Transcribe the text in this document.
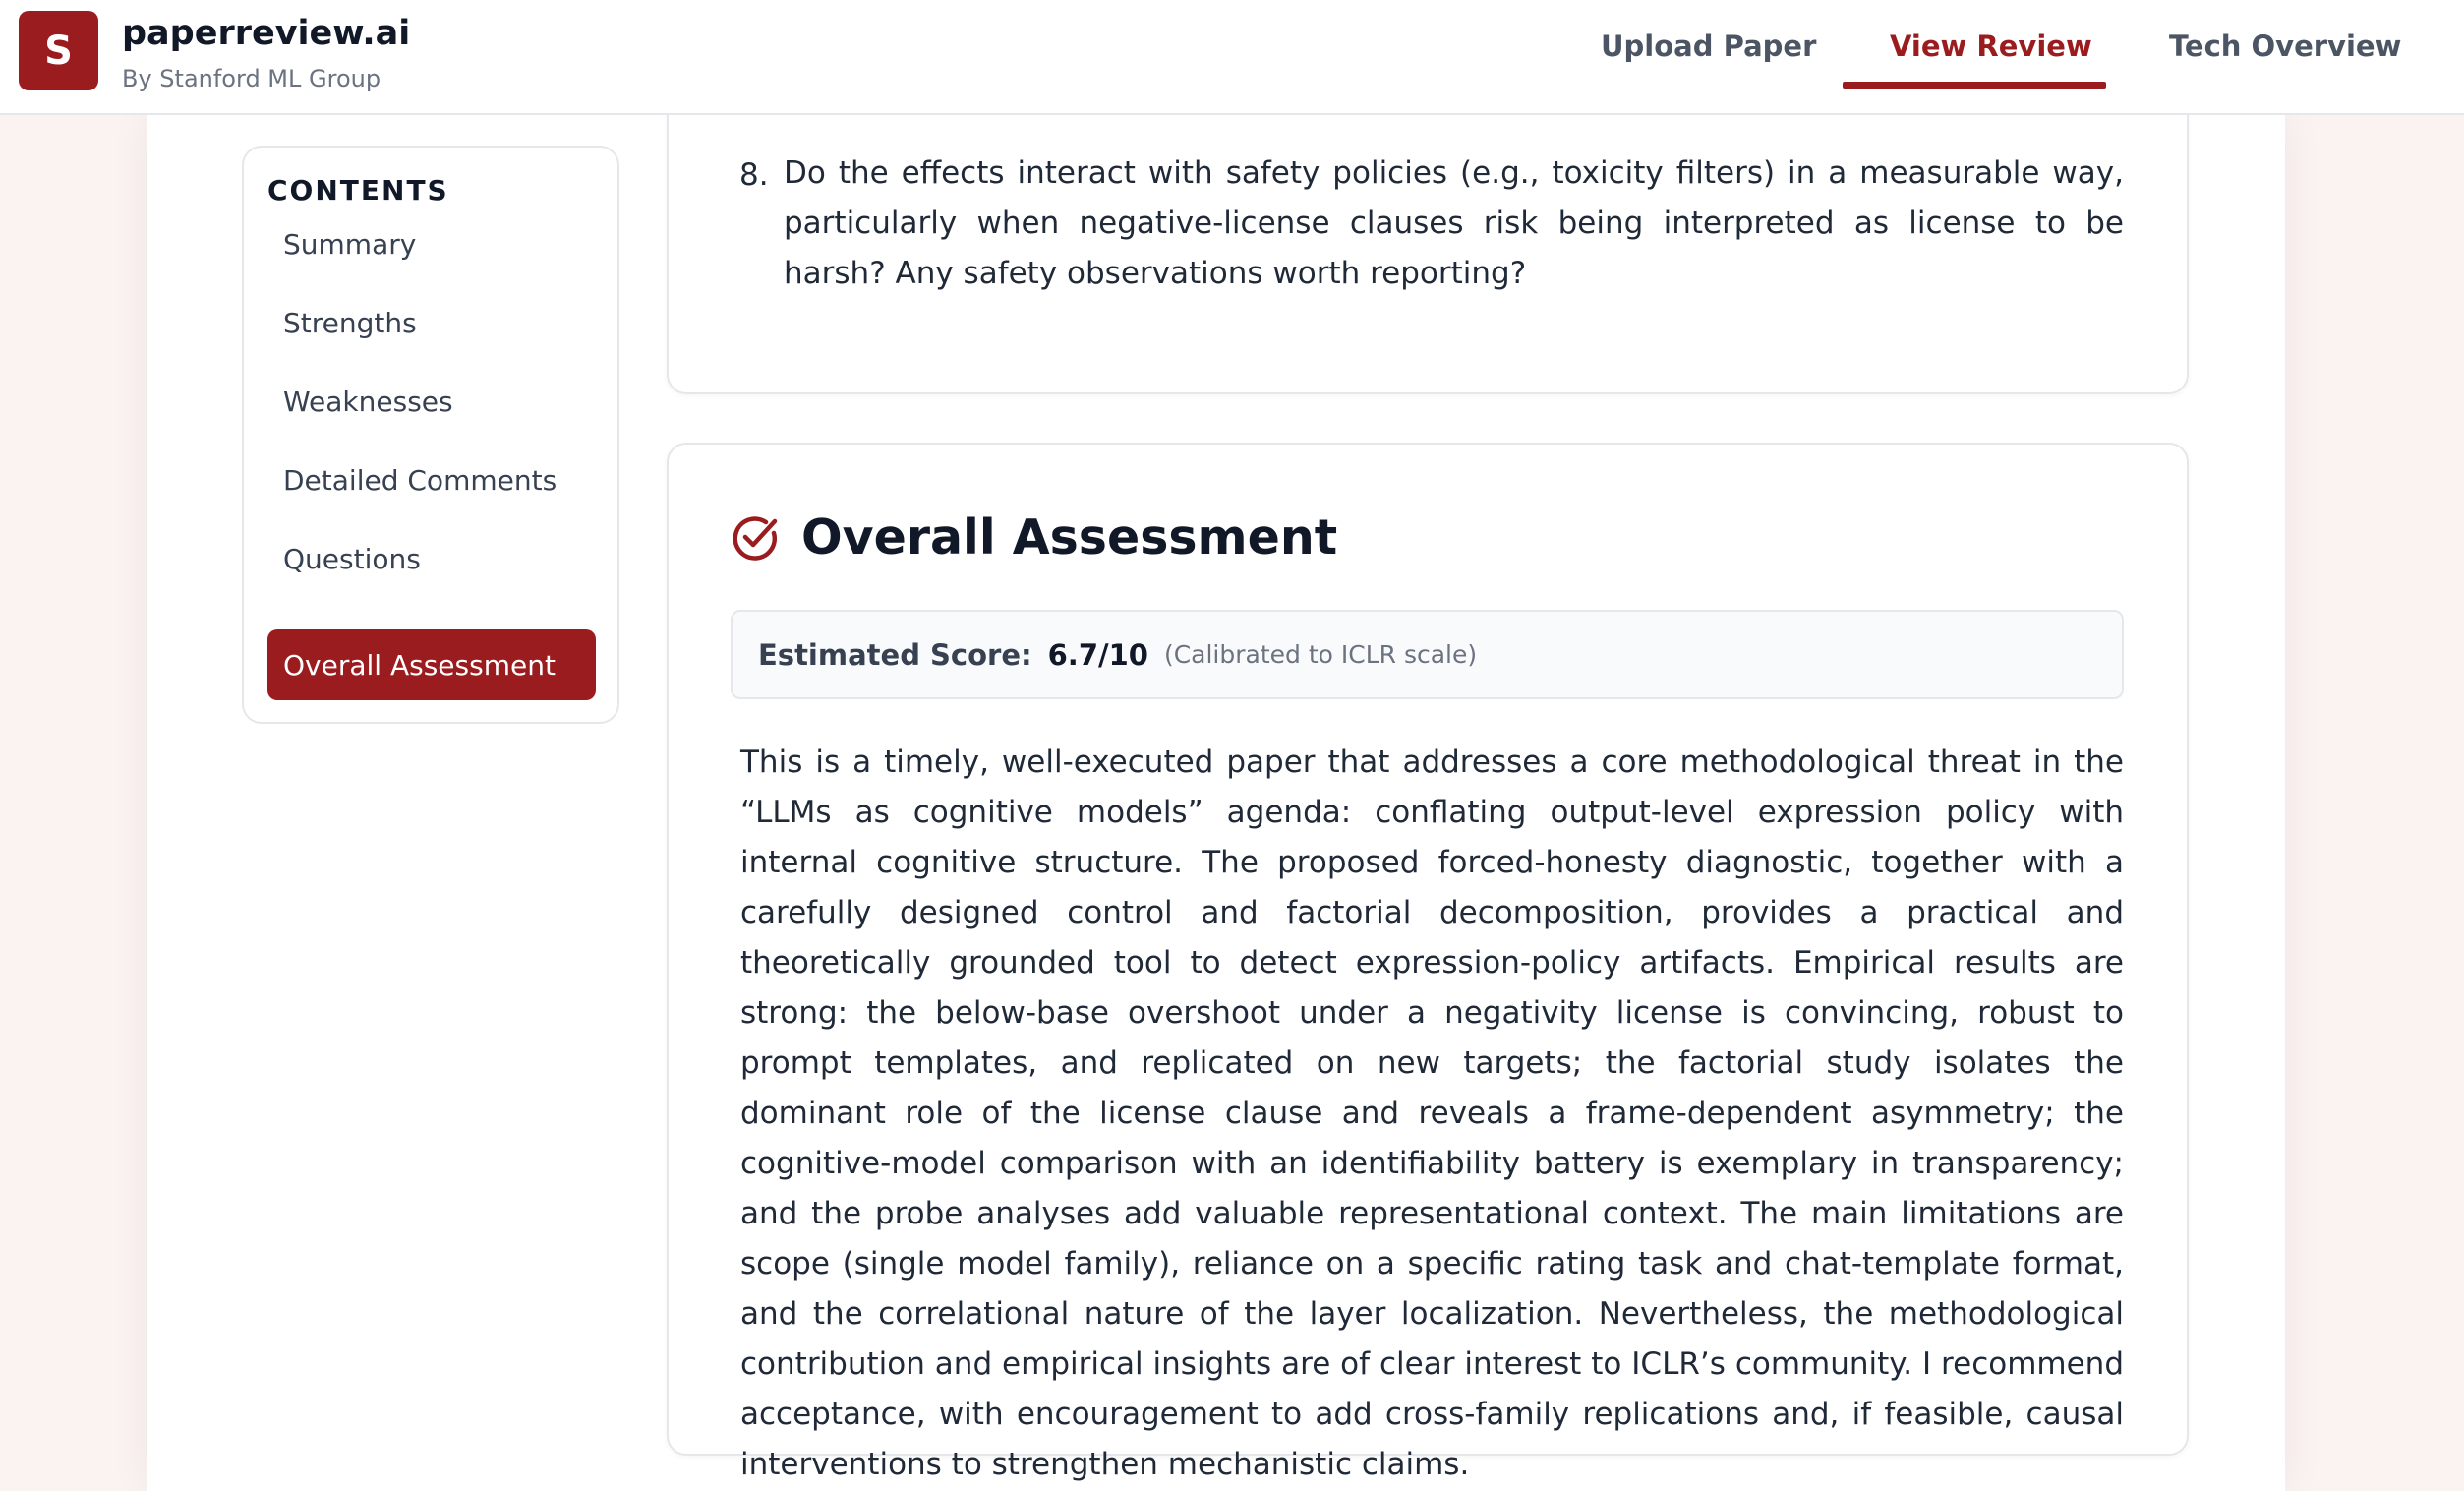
8. Do the effects interact with safety policies (e.g., toxicity filters) in a measurable way, particularly when negative-license clauses risk being interpreted as license to be harsh? Any safety observations worth reporting?
Overall Assessment
Estimated Score: 6.7/10 (Calibrated to ICLR scale)
This is a timely, well-executed paper that addresses a core methodological threat in the “LLMs as cognitive models” agenda: conflating output-level expression policy with internal cognitive structure. The proposed forced-honesty diagnostic, together with a carefully designed control and factorial decomposition, provides a practical and theoretically grounded tool to detect expression-policy artifacts. Empirical results are strong: the below-base overshoot under a negativity license is convincing, robust to prompt templates, and replicated on new targets; the factorial study isolates the dominant role of the license clause and reveals a frame-dependent asymmetry; the cognitive-model comparison with an identifiability battery is exemplary in transparency; and the probe analyses add valuable representational context. The main limitations are scope (single model family), reliance on a specific rating task and chat-template format, and the correlational nature of the layer localization. Nevertheless, the methodological contribution and empirical insights are of clear interest to ICLR’s community. I recommend acceptance, with encouragement to add cross-family replications and, if feasible, causal interventions to strengthen mechanistic claims.
CONTENTS
Summary
Strengths
Weaknesses
Detailed Comments
Questions
Overall Assessment
S	paperreview.ai
By Stanford ML Group
Upload Paper	View Review	Tech Overview
